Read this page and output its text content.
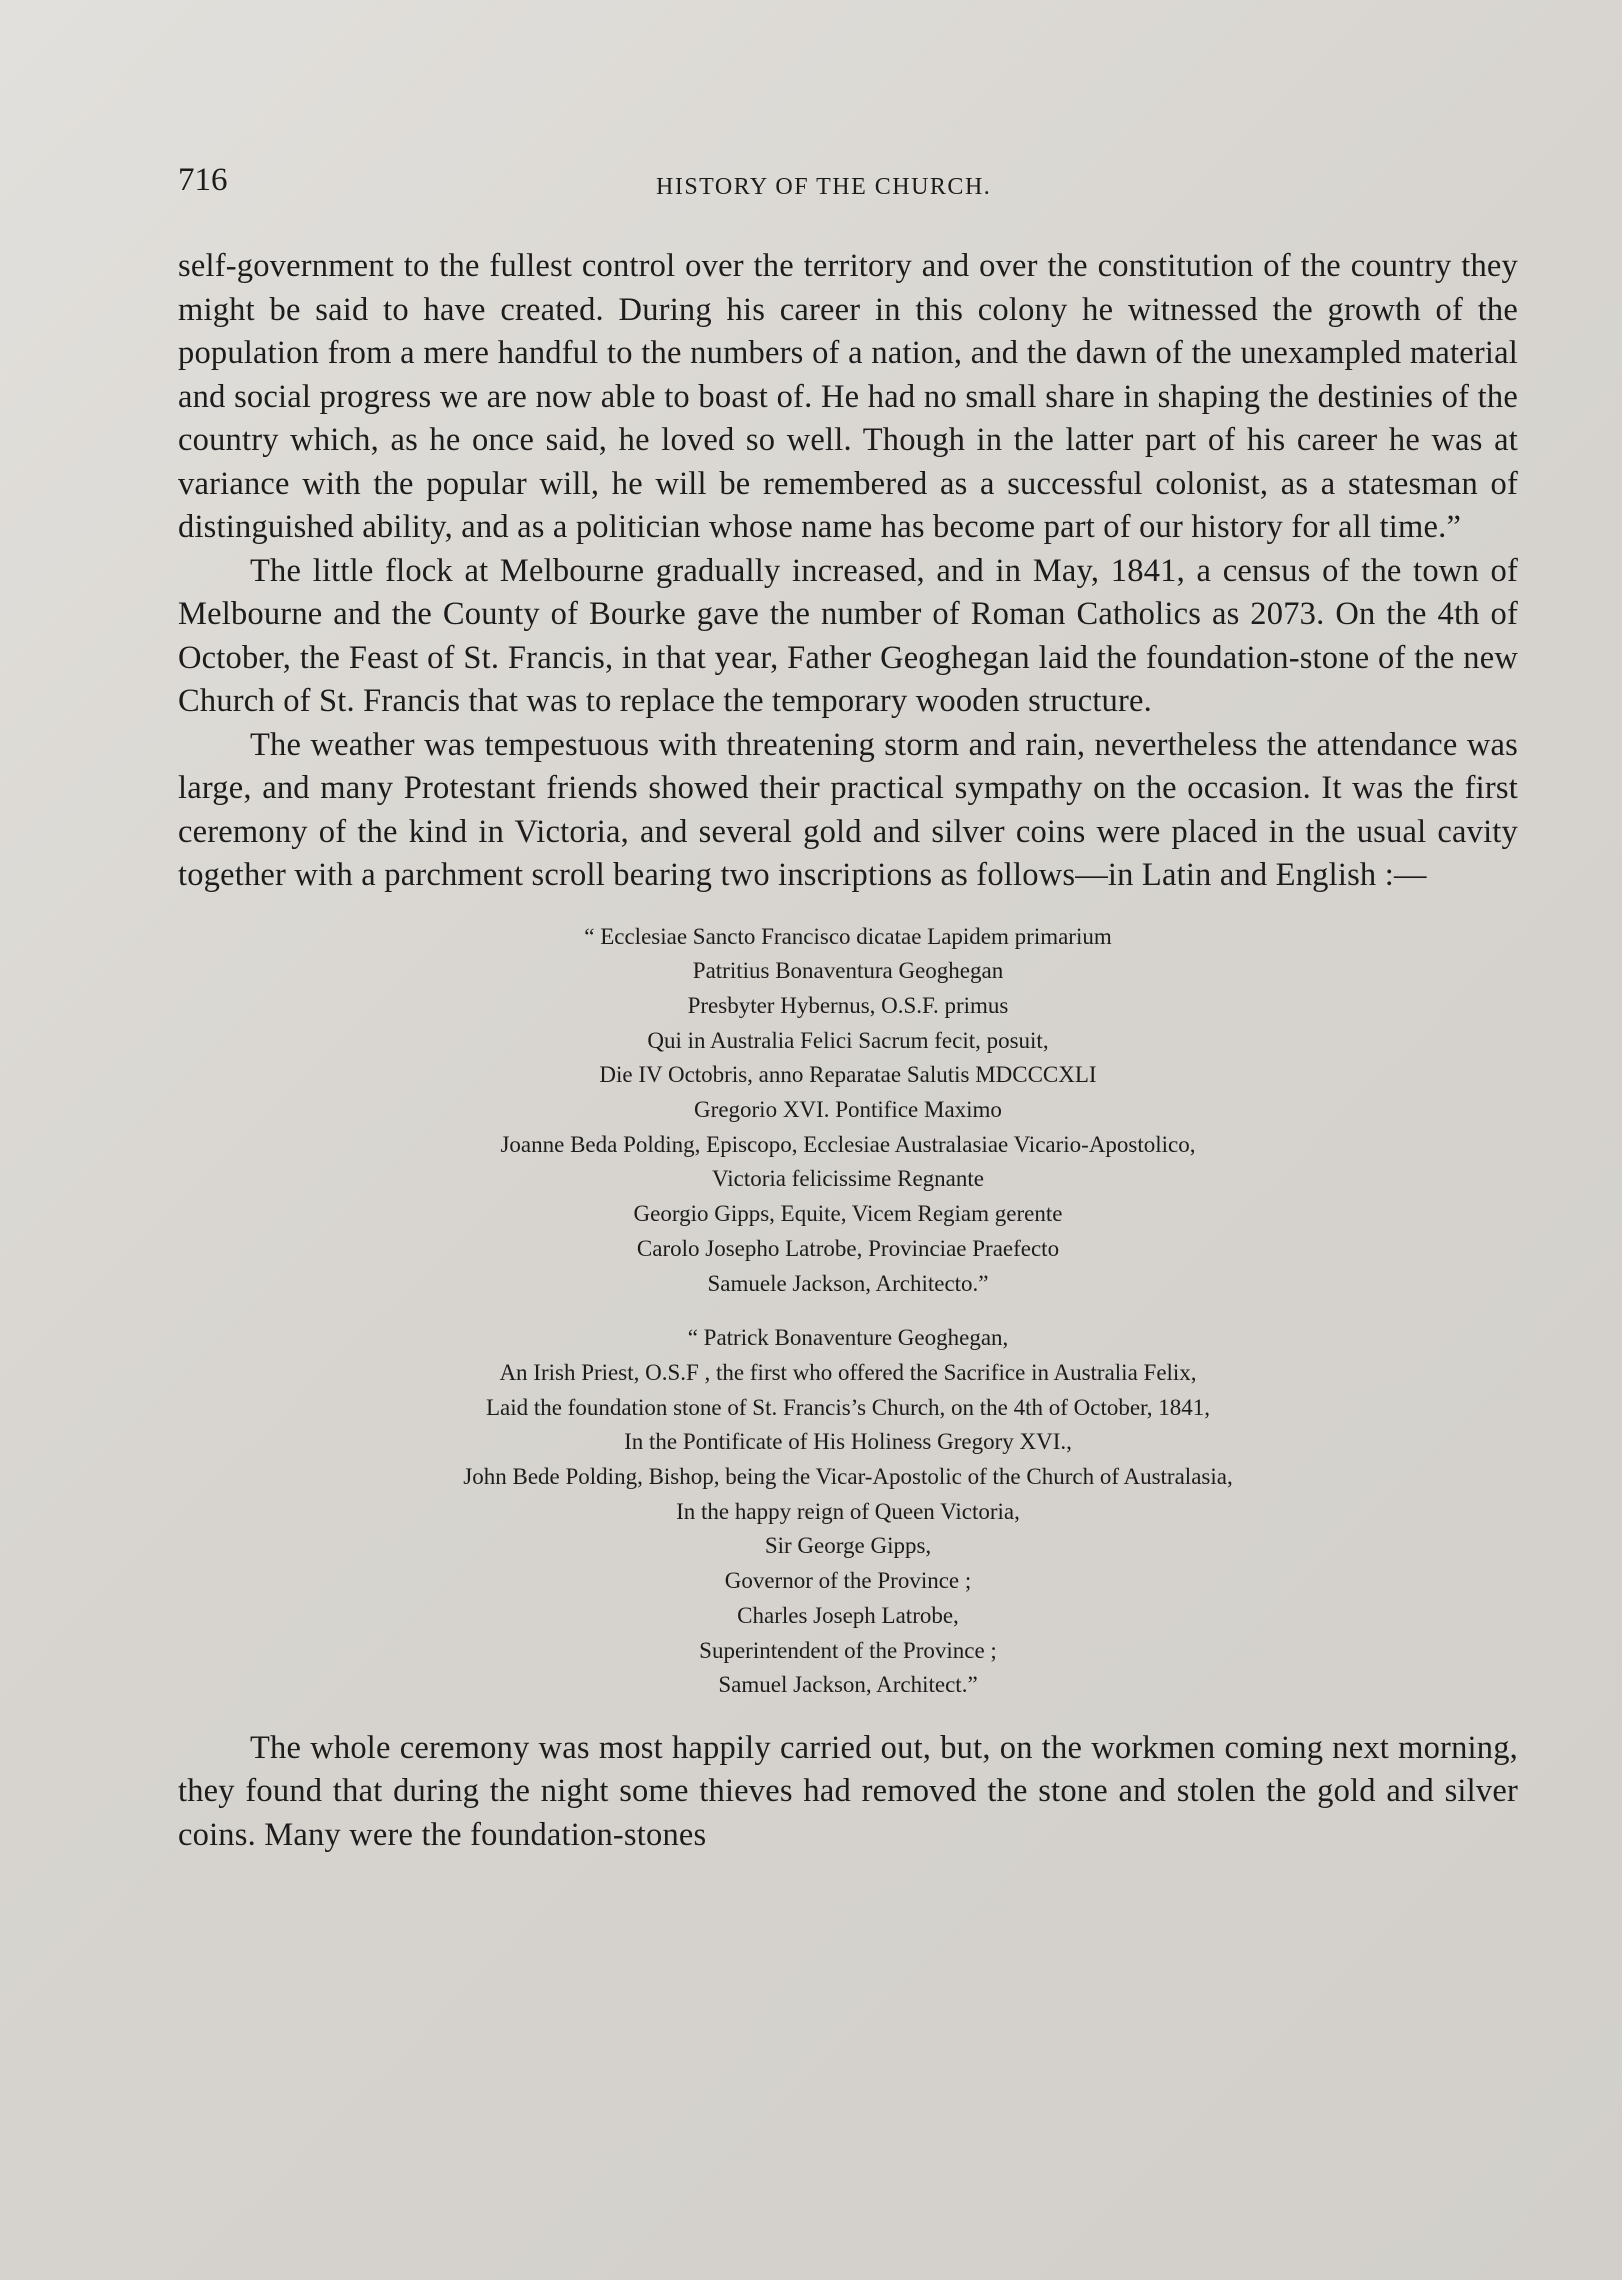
716	HISTORY OF THE CHURCH.

self-government to the fullest control over the territory and over the constitution of the country they might be said to have created. During his career in this colony he witnessed the growth of the population from a mere handful to the numbers of a nation, and the dawn of the unexampled material and social progress we are now able to boast of. He had no small share in shaping the destinies of the country which, as he once said, he loved so well. Though in the latter part of his career he was at variance with the popular will, he will be remembered as a successful colonist, as a statesman of distinguished ability, and as a politician whose name has become part of our history for all time.”

The little flock at Melbourne gradually increased, and in May, 1841, a census of the town of Melbourne and the County of Bourke gave the number of Roman Catholics as 2073. On the 4th of October, the Feast of St. Francis, in that year, Father Geoghegan laid the foundation-stone of the new Church of St. Francis that was to replace the temporary wooden structure.

The weather was tempestuous with threatening storm and rain, nevertheless the attendance was large, and many Protestant friends showed their practical sympathy on the occasion. It was the first ceremony of the kind in Victoria, and several gold and silver coins were placed in the usual cavity together with a parchment scroll bearing two inscriptions as follows—in Latin and English :—

“ Ecclesiae Sancto Francisco dicatae Lapidem primarium
Patritius Bonaventura Geoghegan
Presbyter Hybernus, O.S.F. primus
Qui in Australia Felici Sacrum fecit, posuit,
Die IV Octobris, anno Reparatae Salutis MDCCCXLI
Gregorio XVI. Pontifice Maximo
Joanne Beda Polding, Episcopo, Ecclesiae Australasiae Vicario-Apostolico,
Victoria felicissime Regnante
Georgio Gipps, Equite, Vicem Regiam gerente
Carolo Josepho Latrobe, Provinciae Praefecto
Samuele Jackson, Architecto.”
“ Patrick Bonaventure Geoghegan,
An Irish Priest, O.S.F , the first who offered the Sacrifice in Australia Felix,
Laid the foundation stone of St. Francis’s Church, on the 4th of October, 1841,
In the Pontificate of His Holiness Gregory XVI.,
John Bede Polding, Bishop, being the Vicar-Apostolic of the Church of Australasia,
In the happy reign of Queen Victoria,
Sir George Gipps,
Governor of the Province ;
Charles Joseph Latrobe,
Superintendent of the Province ;
Samuel Jackson, Architect.”

The whole ceremony was most happily carried out, but, on the workmen coming next morning, they found that during the night some thieves had removed the stone and stolen the gold and silver coins. Many were the foundation-stones
